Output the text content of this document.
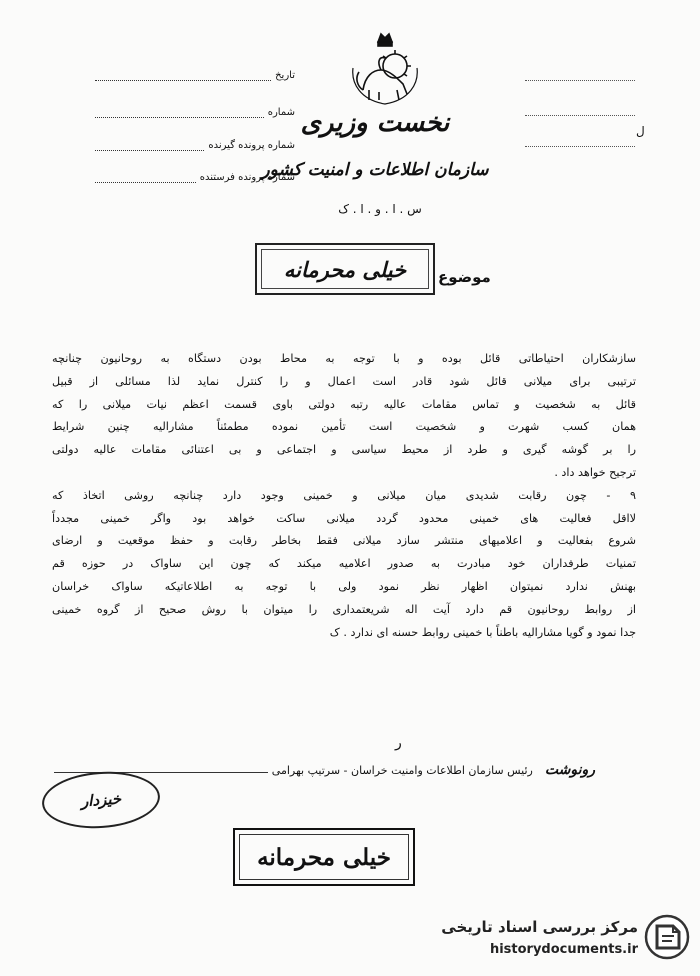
نخست وزیری
سازمان اطلاعات و امنیت کشور
س . ا . و . ا . ک
تاریخ
شماره
شماره پرونده گیرنده
شماره پرونده فرستنده
ل
موضوع
خیلی محرمانه

سازشکاران احتیاطاتی قائل بوده و با توجه به محاط بودن دستگاه به روحانیون چنانچه

ترتیبی برای میلانی قائل شود قادر است اعمال و را کنترل نماید لذا مسائلی از قبیل

قائل به شخصیت و تماس مقامات عالیه رتبه دولتی باوی قسمت اعظم نیات میلانی را که

همان کسب شهرت و شخصیت است تأمین نموده مطمئناً مشارالیه چنین شرایط

را بر گوشه گیری و طرد از محیط سیاسی و اجتماعی و بی اعتنائی مقامات عالیه دولتی

ترجیح خواهد داد .

۹ - چون رقابت شدیدی میان میلانی و خمینی وجود دارد چنانچه روشی اتخاذ که

لااقل فعالیت های خمینی محدود گردد میلانی ساکت خواهد بود واگر خمینی مجدداً

شروع بفعالیت و اعلامیهای منتشر سازد میلانی فقط بخاطر رقابت و حفظ موقعیت و ارضای

تمنیات طرفداران خود مبادرت به صدور اعلامیه میکند که چون این ساواک در حوزه قم

بهنش ندارد نمیتوان اظهار نظر نمود ولی با توجه به اطلاعاتیکه ساواک خراسان

از روابط روحانیون قم دارد آیت اله شریعتمداری را میتوان با روش صحیح از گروه خمینی

جدا نمود و گویا مشارالیه باطناً با خمینی روابط حسنه ای ندارد . ک

ر
رونوشت
رئیس سازمان اطلاعات وامنیت خراسان - سرتیپ بهرامی
خیزدار
خیلی محرمانه
مرکز بررسی اسناد تاریخی
historydocuments.ir
